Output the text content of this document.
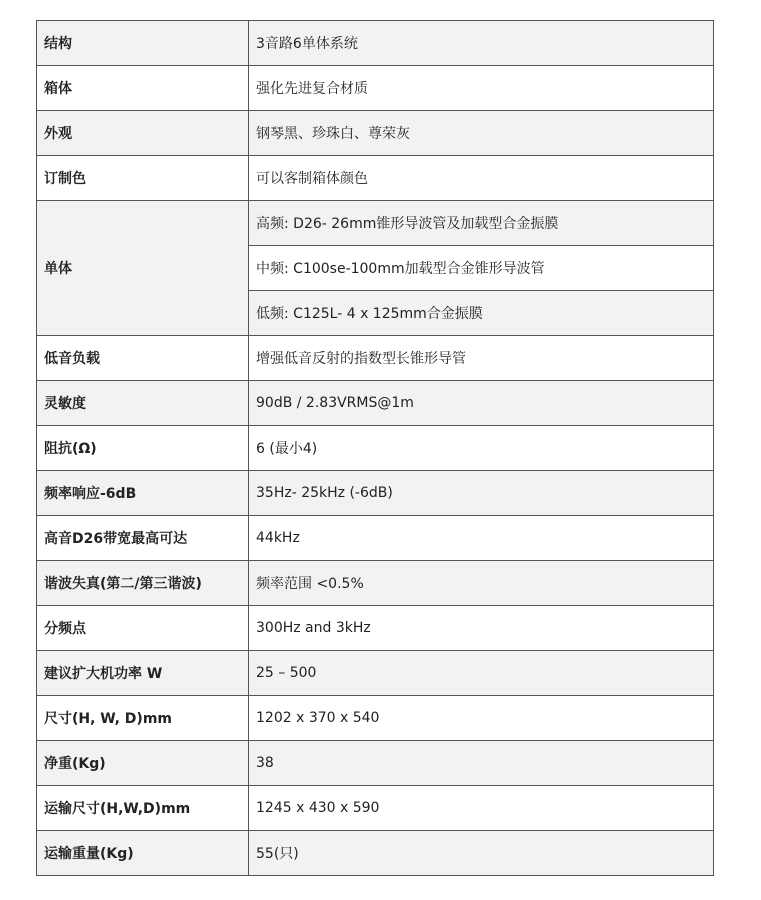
结构	3音路6单体系统
箱体	强化先进复合材质
外观	钢琴黑、珍珠白、尊荣灰
订制色	可以客制箱体颜色
单体	高频: D26- 26mm锥形导波管及加载型合金振膜
	中频: C100se-100mm加载型合金锥形导波管
	低频: C125L- 4 x 125mm合金振膜
低音负载	增强低音反射的指数型长锥形导管
灵敏度	90dB / 2.83VRMS@1m
阻抗(Ω)	6 (最小4)
频率响应-6dB	35Hz- 25kHz (-6dB)
高音D26带宽最高可达	44kHz
谐波失真(第二/第三谐波)	频率范围 <0.5%
分频点	300Hz and 3kHz
建议扩大机功率 W	25 – 500
尺寸(H, W, D)mm	1202 x 370 x 540
净重(Kg)	38
运输尺寸(H,W,D)mm	1245 x 430 x 590
运输重量(Kg)	55(只)
